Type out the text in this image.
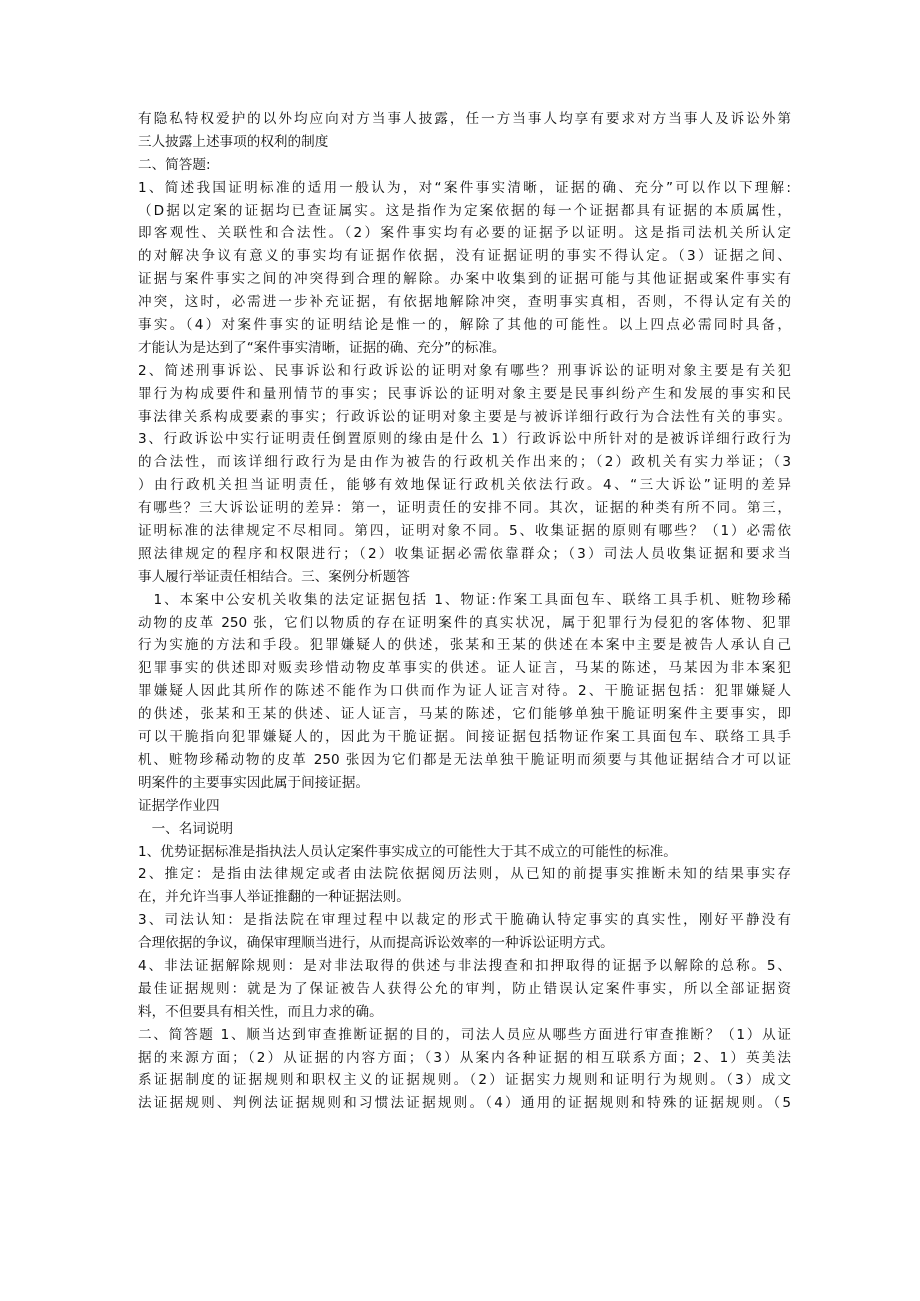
有隐私特权爱护的以外均应向对方当事人披露，任一方当事人均享有要求对方当事人及诉讼外第
三人披露上述事项的权利的制度
二、简答题:
1、简述我国证明标准的适用一般认为，对“案件事实清晰，证据的确、充分”可以作以下理解:
（D据以定案的证据均已查证属实。这是指作为定案依据的每一个证据都具有证据的本质属性，
即客观性、关联性和合法性。（2）案件事实均有必要的证据予以证明。这是指司法机关所认定
的对解决争议有意义的事实均有证据作依据，没有证据证明的事实不得认定。（3）证据之间、
证据与案件事实之间的冲突得到合理的解除。办案中收集到的证据可能与其他证据或案件事实有
冲突，这时，必需进一步补充证据，有依据地解除冲突，查明事实真相，否则，不得认定有关的
事实。（4）对案件事实的证明结论是惟一的，解除了其他的可能性。以上四点必需同时具备，
才能认为是达到了“案件事实清晰，证据的确、充分”的标准。
2、简述刑事诉讼、民事诉讼和行政诉讼的证明对象有哪些？刑事诉讼的证明对象主要是有关犯
罪行为构成要件和量刑情节的事实；民事诉讼的证明对象主要是民事纠纷产生和发展的事实和民
事法律关系构成要素的事实；行政诉讼的证明对象主要是与被诉详细行政行为合法性有关的事实。
3、行政诉讼中实行证明责任倒置原则的缘由是什么 1）行政诉讼中所针对的是被诉详细行政行为
的合法性，而该详细行政行为是由作为被告的行政机关作出来的；（2）政机关有实力举证；（3
）由行政机关担当证明责任，能够有效地保证行政机关依法行政。4、“三大诉讼”证明的差异
有哪些？三大诉讼证明的差异：第一，证明责任的安排不同。其次，证据的种类有所不同。第三，
证明标准的法律规定不尽相同。第四，证明对象不同。5、收集证据的原则有哪些？（1）必需依
照法律规定的程序和权限进行；（2）收集证据必需依靠群众；（3）司法人员收集证据和要求当
事人履行举证责任相结合。三、案例分析题答
　1、本案中公安机关收集的法定证据包括 1、物证:作案工具面包车、联络工具手机、赃物珍稀
动物的皮革 250 张，它们以物质的存在证明案件的真实状况，属于犯罪行为侵犯的客体物、犯罪
行为实施的方法和手段。犯罪嫌疑人的供述，张某和王某的供述在本案中主要是被告人承认自己
犯罪事实的供述即对贩卖珍惜动物皮革事实的供述。证人证言，马某的陈述，马某因为非本案犯
罪嫌疑人因此其所作的陈述不能作为口供而作为证人证言对待。2、干脆证据包括：犯罪嫌疑人
的供述，张某和王某的供述、证人证言，马某的陈述，它们能够单独干脆证明案件主要事实，即
可以干脆指向犯罪嫌疑人的，因此为干脆证据。间接证据包括物证作案工具面包车、联络工具手
机、赃物珍稀动物的皮革 250 张因为它们都是无法单独干脆证明而须要与其他证据结合才可以证
明案件的主要事实因此属于间接证据。
证据学作业四
　一、名词说明
1、优势证据标准是指执法人员认定案件事实成立的可能性大于其不成立的可能性的标准。
2、推定：是指由法律规定或者由法院依据阅历法则，从已知的前提事实推断未知的结果事实存
在，并允许当事人举证推翻的一种证据法则。
3、司法认知：是指法院在审理过程中以裁定的形式干脆确认特定事实的真实性，刚好平静没有
合理依据的争议，确保审理顺当进行，从而提高诉讼效率的一种诉讼证明方式。
4、非法证据解除规则：是对非法取得的供述与非法搜查和扣押取得的证据予以解除的总称。5、
最佳证据规则：就是为了保证被告人获得公允的审判，防止错误认定案件事实，所以全部证据资
料，不但要具有相关性，而且力求的确。
二、简答题 1、顺当达到审查推断证据的目的，司法人员应从哪些方面进行审查推断？（1）从证
据的来源方面；（2）从证据的内容方面；（3）从案内各种证据的相互联系方面；2、1）英美法
系证据制度的证据规则和职权主义的证据规则。（2）证据实力规则和证明行为规则。（3）成文
法证据规则、判例法证据规则和习惯法证据规则。（4）通用的证据规则和特殊的证据规则。（5
